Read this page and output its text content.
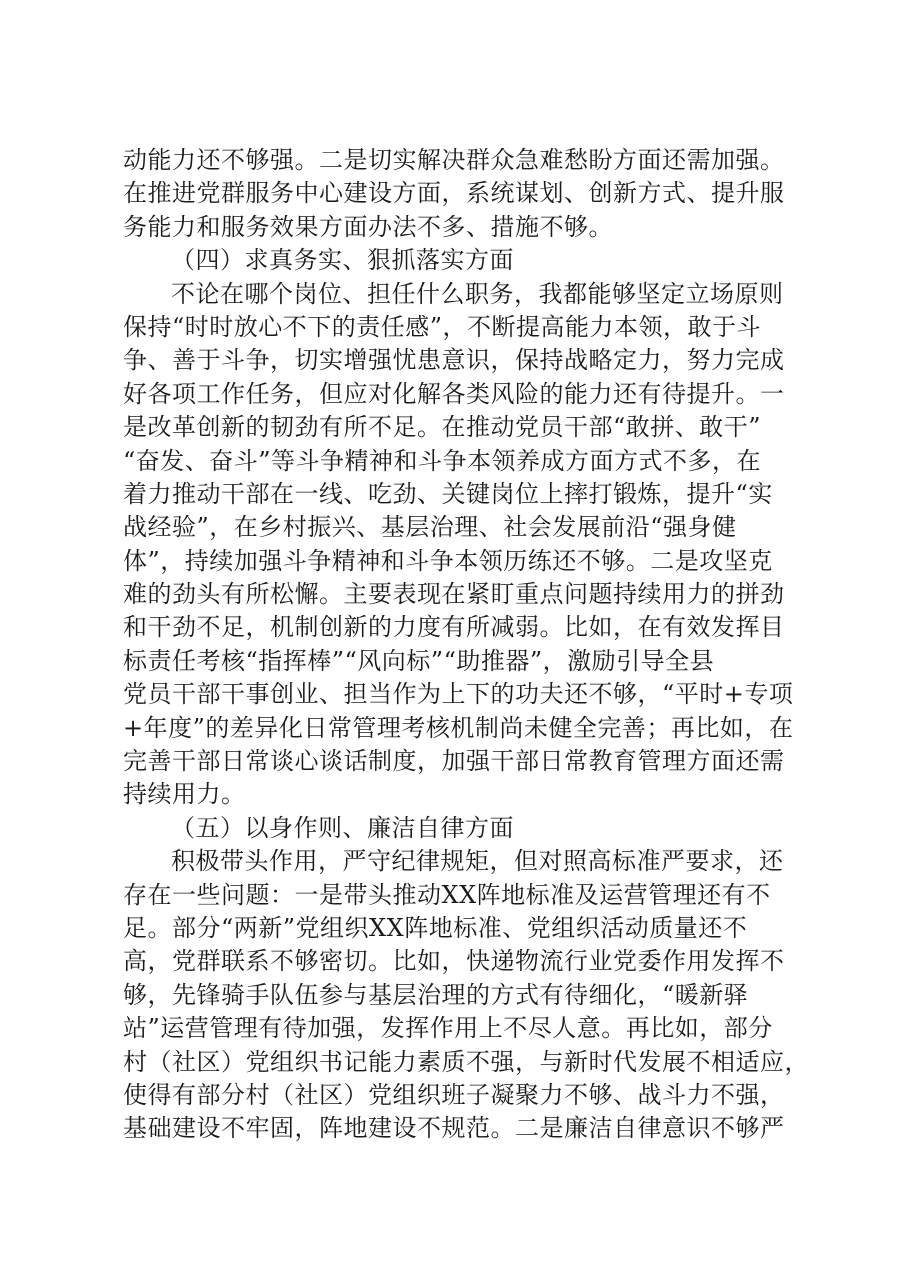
动能力还不够强。二是切实解决群众急难愁盼方面还需加强。
在推进党群服务中心建设方面，系统谋划、创新方式、提升服
务能力和服务效果方面办法不多、措施不够。
（四）求真务实、狠抓落实方面
不论在哪个岗位、担任什么职务，我都能够坚定立场原则
保持“时时放心不下的责任感”，不断提高能力本领，敢于斗
争、善于斗争，切实增强忧患意识，保持战略定力，努力完成
好各项工作任务，但应对化解各类风险的能力还有待提升。一
是改革创新的韧劲有所不足。在推动党员干部“敢拼、敢干”
“奋发、奋斗”等斗争精神和斗争本领养成方面方式不多，在
着力推动干部在一线、吃劲、关键岗位上摔打锻炼，提升“实
战经验”，在乡村振兴、基层治理、社会发展前沿“强身健
体”，持续加强斗争精神和斗争本领历练还不够。二是攻坚克
难的劲头有所松懈。主要表现在紧盯重点问题持续用力的拼劲
和干劲不足，机制创新的力度有所减弱。比如，在有效发挥目
标责任考核“指挥棒”“风向标”“助推器”，激励引导全县
党员干部干事创业、担当作为上下的功夫还不够，“平时+专项
+年度”的差异化日常管理考核机制尚未健全完善；再比如，在
完善干部日常谈心谈话制度，加强干部日常教育管理方面还需
持续用力。
（五）以身作则、廉洁自律方面
积极带头作用，严守纪律规矩，但对照高标准严要求，还
存在一些问题：一是带头推动XX阵地标准及运营管理还有不
足。部分“两新”党组织XX阵地标准、党组织活动质量还不
高，党群联系不够密切。比如，快递物流行业党委作用发挥不
够，先锋骑手队伍参与基层治理的方式有待细化，“暖新驿
站”运营管理有待加强，发挥作用上不尽人意。再比如，部分
村（社区）党组织书记能力素质不强，与新时代发展不相适应，
使得有部分村（社区）党组织班子凝聚力不够、战斗力不强，
基础建设不牢固，阵地建设不规范。二是廉洁自律意识不够严
